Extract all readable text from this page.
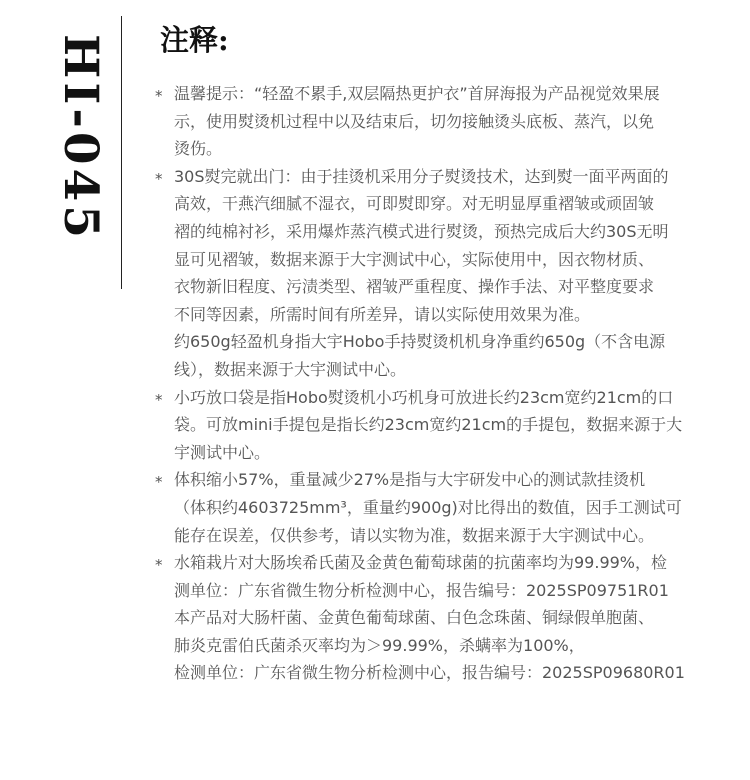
HI-045 注释:
* 温馨提示：“轻盈不累手,双层隔热更护衣”首屏海报为产品视觉效果展
示，使用熨烫机过程中以及结束后，切勿接触烫头底板、蒸汽，以免
烫伤。
* 30S熨完就出门：由于挂烫机采用分子熨烫技术，达到熨一面平两面的
高效，干燕汽细腻不湿衣，可即熨即穿。对无明显厚重褶皱或顽固皱
褶的纯棉衬衫，采用爆炸蒸汽模式进行熨烫，预热完成后大约30S无明
显可见褶皱，数据来源于大宇测试中心，实际使用中，因衣物材质、
衣物新旧程度、污渍类型、褶皱严重程度、操作手法、对平整度要求
不同等因素，所需时间有所差异，请以实际使用效果为准。
约650g轻盈机身指大宇Hobo手持熨烫机机身净重约650g（不含电源
线），数据来源于大宇测试中心。
* 小巧放口袋是指Hobo熨烫机小巧机身可放进长约23cm宽约21cm的口
袋。可放mini手提包是指长约23cm宽约21cm的手提包，数据来源于大
宇测试中心。
* 体积缩小57%，重量减少27%是指与大宇研发中心的测试款挂烫机
（体积约4603725mm³，重量约900g)对比得出的数值，因手工测试可
能存在误差，仅供参考，请以实物为准，数据来源于大宇测试中心。
* 水箱栽片对大肠埃希氏菌及金黄色葡萄球菌的抗菌率均为99.99%，检
测单位：广东省微生物分析检测中心，报告编号：2025SP09751R01
本产品对大肠杆菌、金黄色葡萄球菌、白色念珠菌、铜绿假单胞菌、
肺炎克雷伯氏菌杀灭率均为＞99.99%，杀螨率为100%，
检测单位：广东省微生物分析检测中心，报告编号：2025SP09680R01
